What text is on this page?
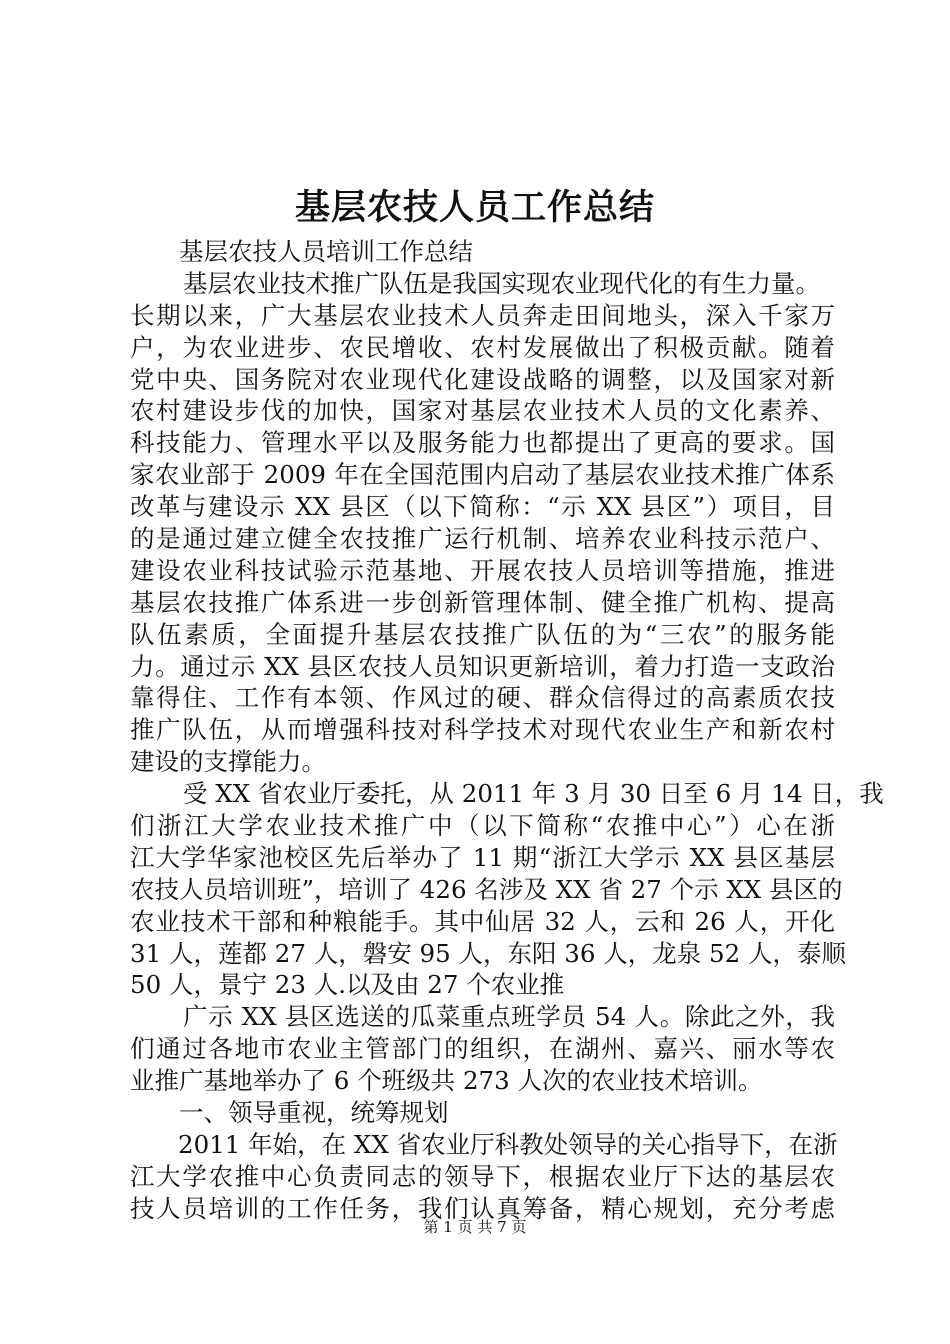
基层农技人员工作总结
基层农技人员培训工作总结
基层农业技术推广队伍是我国实现农业现代化的有生力量。
长期以来，广大基层农业技术人员奔走田间地头，深入千家万
户，为农业进步、农民增收、农村发展做出了积极贡献。随着
党中央、国务院对农业现代化建设战略的调整，以及国家对新
农村建设步伐的加快，国家对基层农业技术人员的文化素养、
科技能力、管理水平以及服务能力也都提出了更高的要求。国
家农业部于 2009 年在全国范围内启动了基层农业技术推广体系
改革与建设示 XX 县区（以下简称：“示 XX 县区”）项目，目
的是通过建立健全农技推广运行机制、培养农业科技示范户、
建设农业科技试验示范基地、开展农技人员培训等措施，推进
基层农技推广体系进一步创新管理体制、健全推广机构、提高
队伍素质，全面提升基层农技推广队伍的为“三农”的服务能
力。通过示 XX 县区农技人员知识更新培训，着力打造一支政治
靠得住、工作有本领、作风过的硬、群众信得过的高素质农技
推广队伍，从而增强科技对科学技术对现代农业生产和新农村
建设的支撑能力。
受 XX 省农业厅委托，从 2011 年 3 月 30 日至 6 月 14 日，我
们浙江大学农业技术推广中（以下简称“农推中心”）心在浙
江大学华家池校区先后举办了 11 期“浙江大学示 XX 县区基层
农技人员培训班”，培训了 426 名涉及 XX 省 27 个示 XX 县区的
农业技术干部和种粮能手。其中仙居 32 人，云和 26 人，开化
31 人，莲都 27 人，磐安 95 人，东阳 36 人，龙泉 52 人，泰顺
50 人，景宁 23 人.以及由 27 个农业推
广示 XX 县区选送的瓜菜重点班学员 54 人。除此之外，我
们通过各地市农业主管部门的组织，在湖州、嘉兴、丽水等农
业推广基地举办了 6 个班级共 273 人次的农业技术培训。
一、领导重视，统筹规划
2011 年始，在 XX 省农业厅科教处领导的关心指导下，在浙
江大学农推中心负责同志的领导下，根据农业厅下达的基层农
技人员培训的工作任务，我们认真筹备，精心规划，充分考虑
第 1 页 共 7 页
